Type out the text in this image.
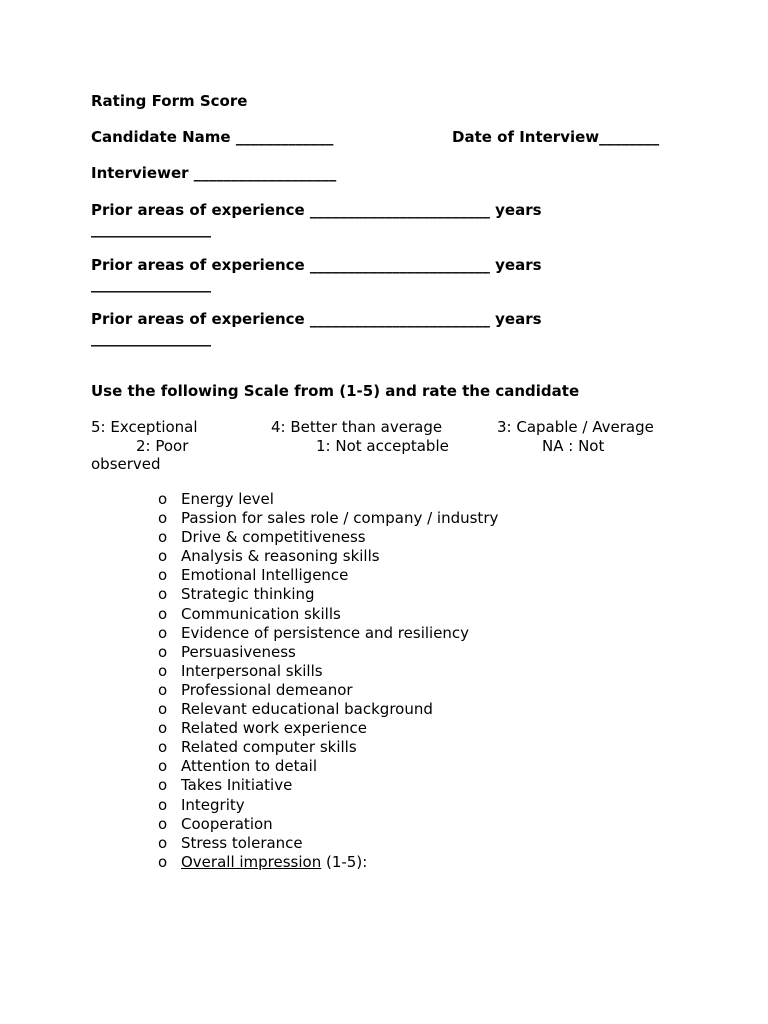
Rating Form Score
Candidate Name _____________	Date of Interview________
Interviewer ___________________
Prior areas of experience ________________________ years
________________
Prior areas of experience ________________________ years
________________
Prior areas of experience ________________________ years
________________
Use the following Scale from (1-5) and rate the candidate
5: Exceptional	4: Better than average	3: Capable / Average
2: Poor	1: Not acceptable	NA : Not
observed
o Energy level
o Passion for sales role / company / industry
o Drive & competitiveness
o Analysis & reasoning skills
o Emotional Intelligence
o Strategic thinking
o Communication skills
o Evidence of persistence and resiliency
o Persuasiveness
o Interpersonal skills
o Professional demeanor
o Relevant educational background
o Related work experience
o Related computer skills
o Attention to detail
o Takes Initiative
o Integrity
o Cooperation
o Stress tolerance
o Overall impression (1-5):
